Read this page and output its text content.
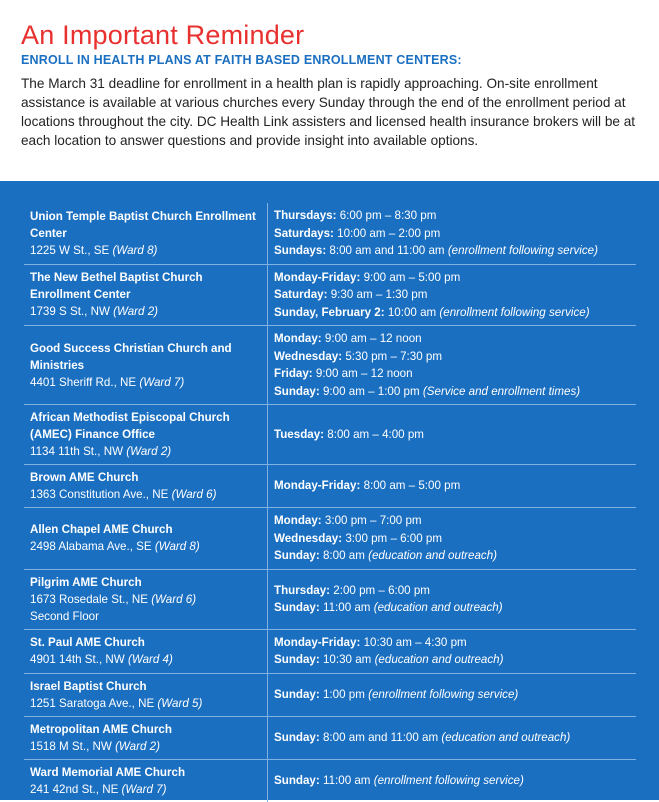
An Important Reminder
ENROLL IN HEALTH PLANS AT FAITH BASED ENROLLMENT CENTERS:

The March 31 deadline for enrollment in a health plan is rapidly approaching. On-site enrollment assistance is available at various churches every Sunday through the end of the enrollment period at locations throughout the city. DC Health Link assisters and licensed health insurance brokers will be at each location to answer questions and provide insight into available options.

Union Temple Baptist Church Enrollment Center
1225 W St., SE (Ward 8)	Thursdays: 6:00 pm – 8:30 pm
Saturdays: 10:00 am – 2:00 pm
Sundays: 8:00 am and 11:00 am (enrollment following service)

The New Bethel Baptist Church Enrollment Center
1739 S St., NW (Ward 2)	Monday-Friday: 9:00 am – 5:00 pm
Saturday: 9:30 am – 1:30 pm
Sunday, February 2: 10:00 am (enrollment following service)

Good Success Christian Church and Ministries
4401 Sheriff Rd., NE (Ward 7)	Monday: 9:00 am – 12 noon
Wednesday: 5:30 pm – 7:30 pm
Friday: 9:00 am – 12 noon
Sunday: 9:00 am – 1:00 pm (Service and enrollment times)

African Methodist Episcopal Church (AMEC) Finance Office
1134 11th St., NW (Ward 2)	Tuesday: 8:00 am – 4:00 pm

Brown AME Church
1363 Constitution Ave., NE (Ward 6)	Monday-Friday: 8:00 am – 5:00 pm

Allen Chapel AME Church
2498 Alabama Ave., SE (Ward 8)	Monday: 3:00 pm – 7:00 pm
Wednesday: 3:00 pm – 6:00 pm
Sunday: 8:00 am (education and outreach)

Pilgrim AME Church
1673 Rosedale St., NE (Ward 6)
Second Floor	Thursday: 2:00 pm – 6:00 pm
Sunday: 11:00 am (education and outreach)

St. Paul AME Church
4901 14th St., NW (Ward 4)	Monday-Friday: 10:30 am – 4:30 pm
Sunday: 10:30 am (education and outreach)

Israel Baptist Church
1251 Saratoga Ave., NE (Ward 5)	Sunday: 1:00 pm (enrollment following service)

Metropolitan AME Church
1518 M St., NW (Ward 2)	Sunday: 8:00 am and 11:00 am (education and outreach)

Ward Memorial AME Church
241 42nd St., NE (Ward 7)	Sunday: 11:00 am (enrollment following service)
